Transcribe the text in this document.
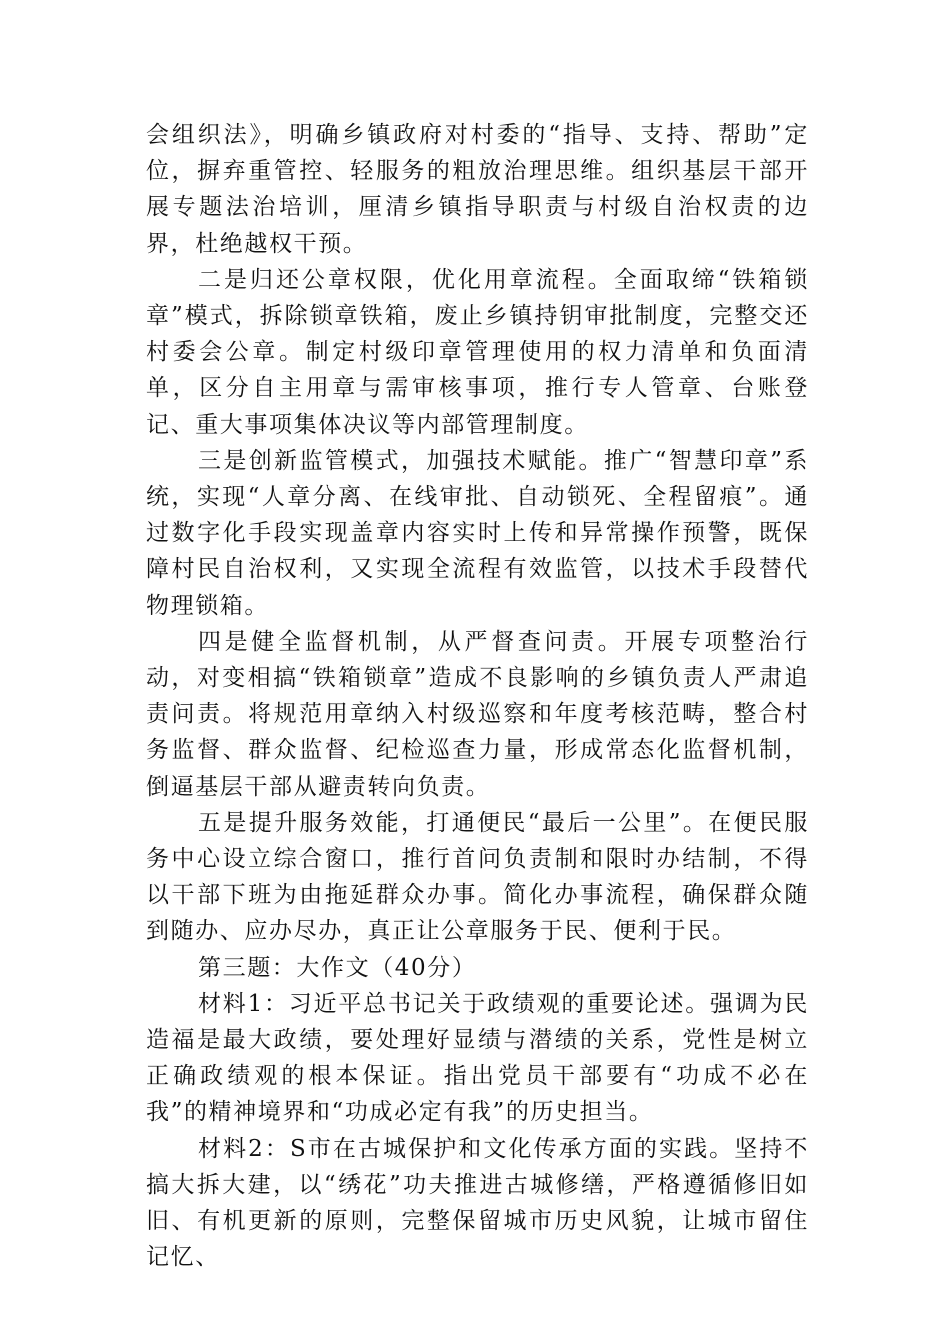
会组织法》，明确乡镇政府对村委的“指导、支持、帮助”定位，摒弃重管控、轻服务的粗放治理思维。组织基层干部开展专题法治培训，厘清乡镇指导职责与村级自治权责的边界，杜绝越权干预。

二是归还公章权限，优化用章流程。全面取缔“铁箱锁章”模式，拆除锁章铁箱，废止乡镇持钥审批制度，完整交还村委会公章。制定村级印章管理使用的权力清单和负面清单，区分自主用章与需审核事项，推行专人管章、台账登记、重大事项集体决议等内部管理制度。

三是创新监管模式，加强技术赋能。推广“智慧印章”系统，实现“人章分离、在线审批、自动锁死、全程留痕”。通过数字化手段实现盖章内容实时上传和异常操作预警，既保障村民自治权利，又实现全流程有效监管，以技术手段替代物理锁箱。

四是健全监督机制，从严督查问责。开展专项整治行动，对变相搞“铁箱锁章”造成不良影响的乡镇负责人严肃追责问责。将规范用章纳入村级巡察和年度考核范畴，整合村务监督、群众监督、纪检巡查力量，形成常态化监督机制，倒逼基层干部从避责转向负责。

五是提升服务效能，打通便民“最后一公里”。在便民服务中心设立综合窗口，推行首问负责制和限时办结制，不得以干部下班为由拖延群众办事。简化办事流程，确保群众随到随办、应办尽办，真正让公章服务于民、便利于民。

第三题：大作文（40分）

材料1：习近平总书记关于政绩观的重要论述。强调为民造福是最大政绩，要处理好显绩与潜绩的关系，党性是树立正确政绩观的根本保证。指出党员干部要有“功成不必在我”的精神境界和“功成必定有我”的历史担当。

材料2：S市在古城保护和文化传承方面的实践。坚持不搞大拆大建，以“绣花”功夫推进古城修缮，严格遵循修旧如旧、有机更新的原则，完整保留城市历史风貌，让城市留住记忆、
